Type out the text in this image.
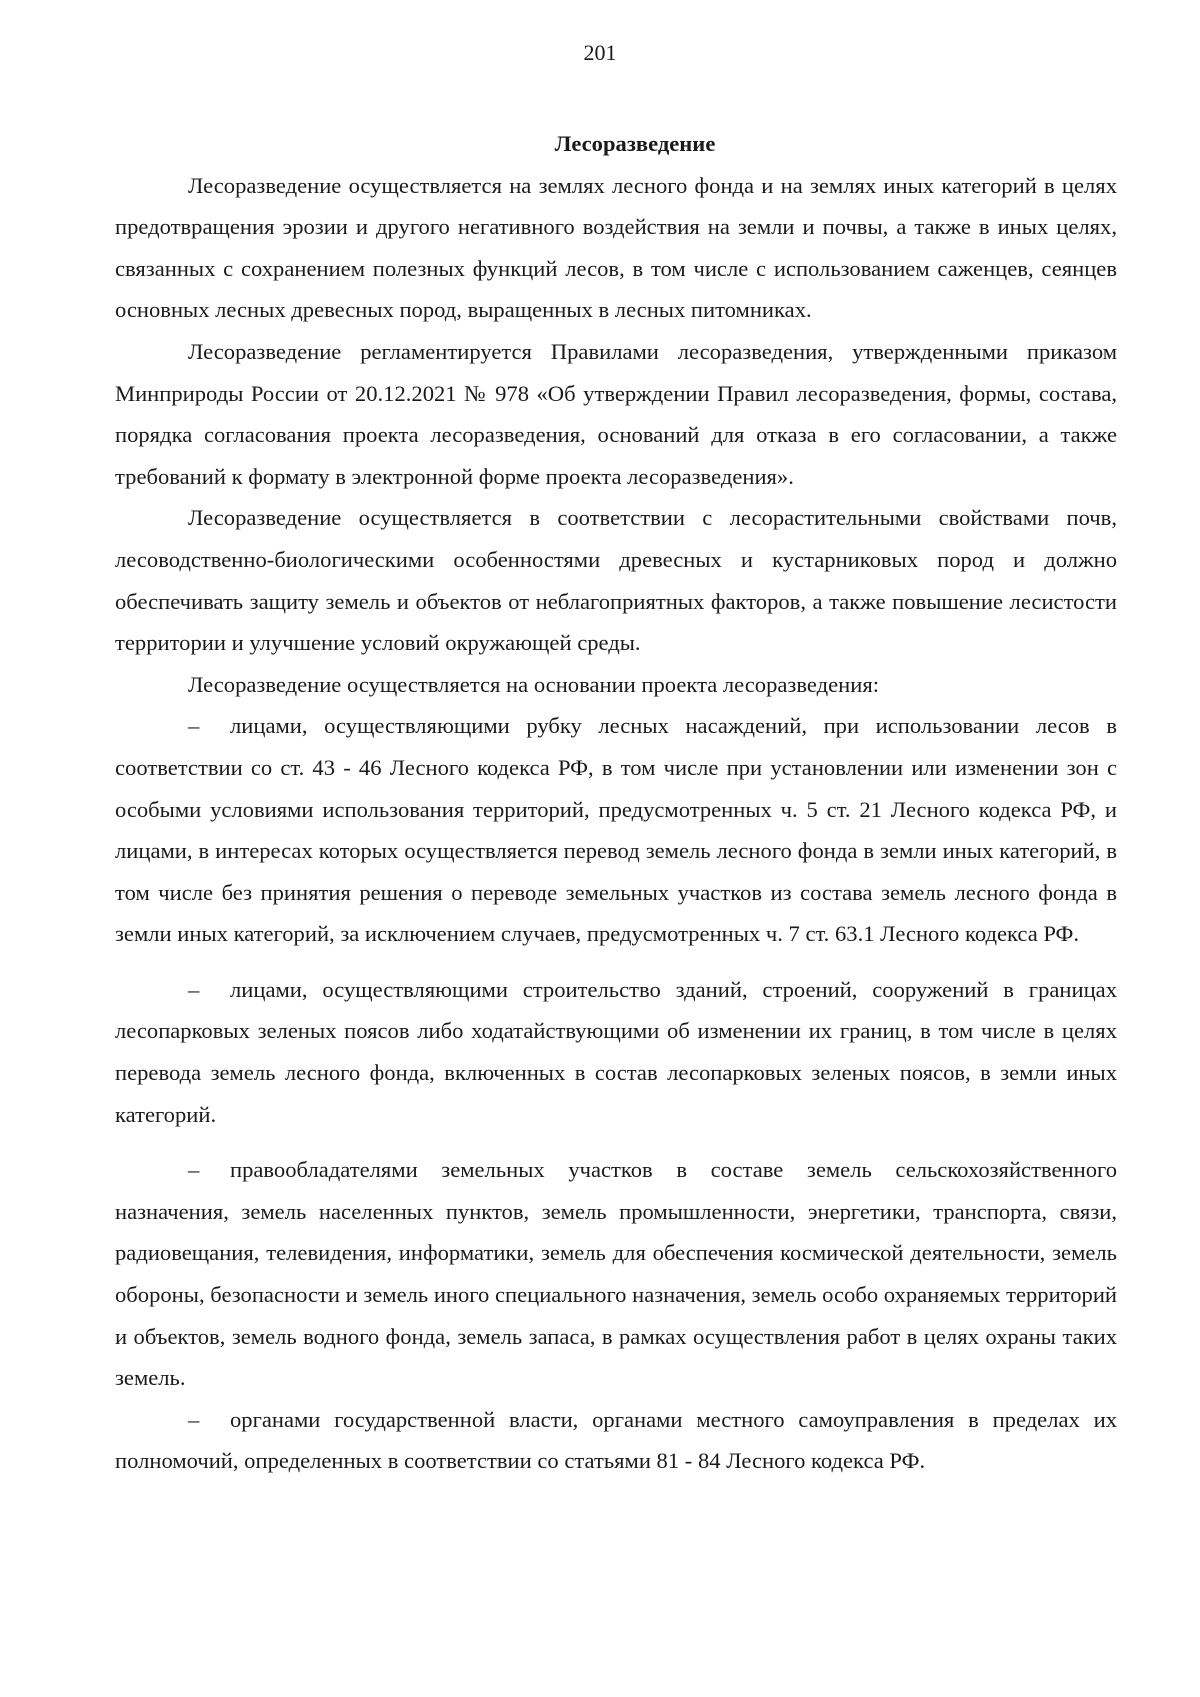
201
Лесоразведение

Лесоразведение осуществляется на землях лесного фонда и на землях иных категорий в целях предотвращения эрозии и другого негативного воздействия на земли и почвы, а также в иных целях, связанных с сохранением полезных функций лесов, в том числе с использованием саженцев, сеянцев основных лесных древесных пород, выращенных в лесных питомниках.

Лесоразведение регламентируется Правилами лесоразведения, утвержденными приказом Минприроды России от 20.12.2021 № 978 «Об утверждении Правил лесоразведения, формы, состава, порядка согласования проекта лесоразведения, оснований для отказа в его согласовании, а также требований к формату в электронной форме проекта лесоразведения».

Лесоразведение осуществляется в соответствии с лесорастительными свойствами почв, лесоводственно-биологическими особенностями древесных и кустарниковых пород и должно обеспечивать защиту земель и объектов от неблагоприятных факторов, а также повышение лесистости территории и улучшение условий окружающей среды.

Лесоразведение осуществляется на основании проекта лесоразведения:

– лицами, осуществляющими рубку лесных насаждений, при использовании лесов в соответствии со ст. 43 - 46 Лесного кодекса РФ, в том числе при установлении или изменении зон с особыми условиями использования территорий, предусмотренных ч. 5 ст. 21 Лесного кодекса РФ, и лицами, в интересах которых осуществляется перевод земель лесного фонда в земли иных категорий, в том числе без принятия решения о переводе земельных участков из состава земель лесного фонда в земли иных категорий, за исключением случаев, предусмотренных ч. 7 ст. 63.1 Лесного кодекса РФ.

– лицами, осуществляющими строительство зданий, строений, сооружений в границах лесопарковых зеленых поясов либо ходатайствующими об изменении их границ, в том числе в целях перевода земель лесного фонда, включенных в состав лесопарковых зеленых поясов, в земли иных категорий.

– правообладателями земельных участков в составе земель сельскохозяйственного назначения, земель населенных пунктов, земель промышленности, энергетики, транспорта, связи, радиовещания, телевидения, информатики, земель для обеспечения космической деятельности, земель обороны, безопасности и земель иного специального назначения, земель особо охраняемых территорий и объектов, земель водного фонда, земель запаса, в рамках осуществления работ в целях охраны таких земель.

– органами государственной власти, органами местного самоуправления в пределах их полномочий, определенных в соответствии со статьями 81 - 84 Лесного кодекса РФ.
